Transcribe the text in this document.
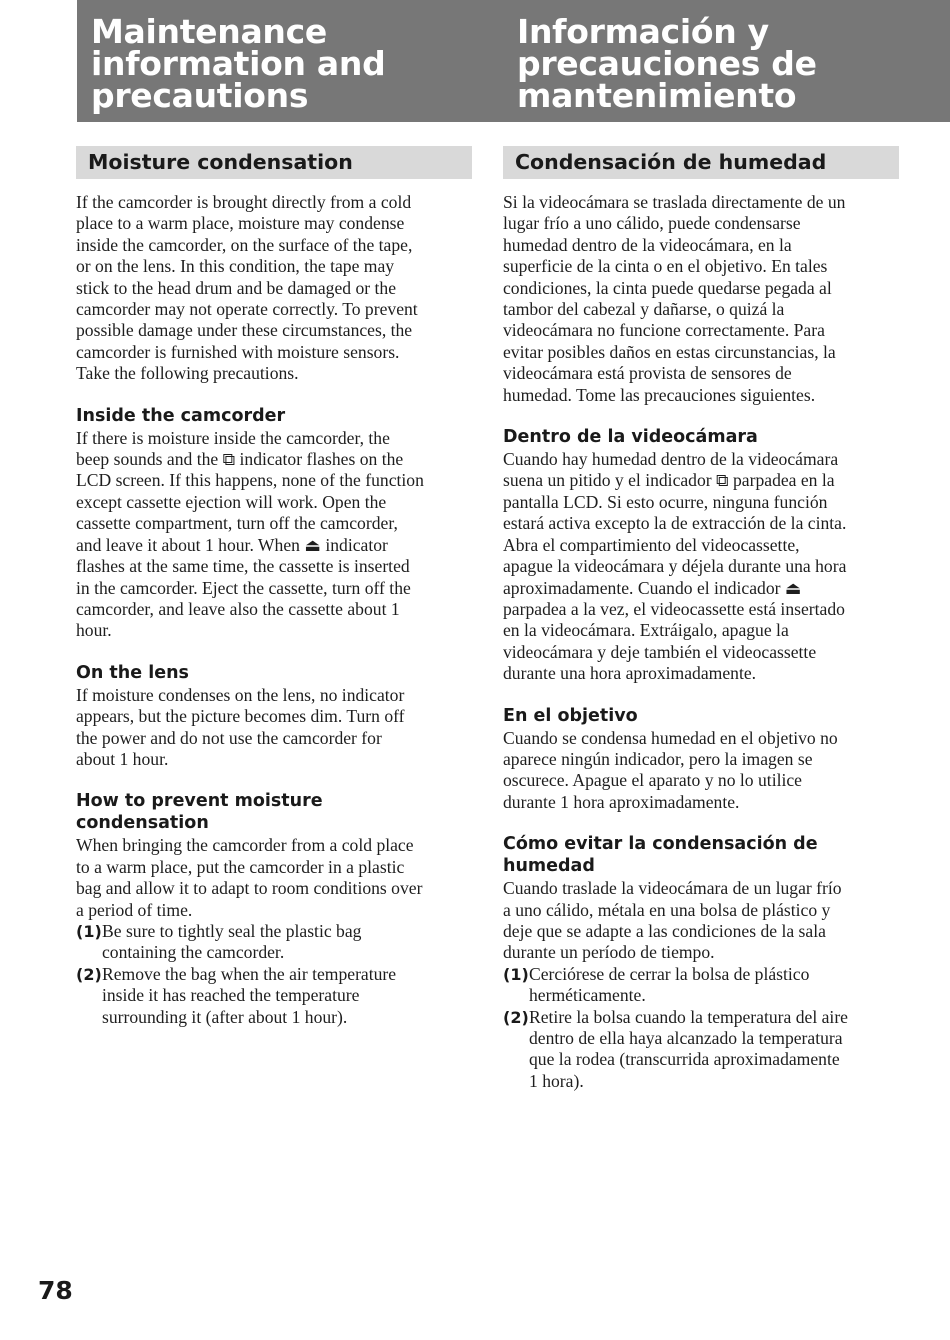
Maintenance
information and
precautions
Información y
precauciones de
mantenimiento
Moisture condensation

If the camcorder is brought directly from a cold
place to a warm place, moisture may condense
inside the camcorder, on the surface of the tape,
or on the lens. In this condition, the tape may
stick to the head drum and be damaged or the
camcorder may not operate correctly. To prevent
possible damage under these circumstances, the
camcorder is furnished with moisture sensors.
Take the following precautions.

Inside the camcorder

If there is moisture inside the camcorder, the
beep sounds and the ⧉ indicator flashes on the
LCD screen. If this happens, none of the function
except cassette ejection will work. Open the
cassette compartment, turn off the camcorder,
and leave it about 1 hour. When ⏏ indicator
flashes at the same time, the cassette is inserted
in the camcorder. Eject the cassette, turn off the
camcorder, and leave also the cassette about 1
hour.

On the lens

If moisture condenses on the lens, no indicator
appears, but the picture becomes dim. Turn off
the power and do not use the camcorder for
about 1 hour.

How to prevent moisture
condensation

When bringing the camcorder from a cold place
to a warm place, put the camcorder in a plastic
bag and allow it to adapt to room conditions over
a period of time.

(1) Be sure to tightly seal the plastic bag
containing the camcorder.

(2) Remove the bag when the air temperature
inside it has reached the temperature
surrounding it (after about 1 hour).

Condensación de humedad

Si la videocámara se traslada directamente de un
lugar frío a uno cálido, puede condensarse
humedad dentro de la videocámara, en la
superficie de la cinta o en el objetivo. En tales
condiciones, la cinta puede quedarse pegada al
tambor del cabezal y dañarse, o quizá la
videocámara no funcione correctamente. Para
evitar posibles daños en estas circunstancias, la
videocámara está provista de sensores de
humedad. Tome las precauciones siguientes.

Dentro de la videocámara

Cuando hay humedad dentro de la videocámara
suena un pitido y el indicador ⧉ parpadea en la
pantalla LCD. Si esto ocurre, ninguna función
estará activa excepto la de extracción de la cinta.
Abra el compartimiento del videocassette,
apague la videocámara y déjela durante una hora
aproximadamente. Cuando el indicador ⏏
parpadea a la vez, el videocassette está insertado
en la videocámara. Extráigalo, apague la
videocámara y deje también el videocassette
durante una hora aproximadamente.

En el objetivo

Cuando se condensa humedad en el objetivo no
aparece ningún indicador, pero la imagen se
oscurece. Apague el aparato y no lo utilice
durante 1 hora aproximadamente.

Cómo evitar la condensación de
humedad

Cuando traslade la videocámara de un lugar frío
a uno cálido, métala en una bolsa de plástico y
deje que se adapte a las condiciones de la sala
durante un período de tiempo.

(1) Cerciórese de cerrar la bolsa de plástico
herméticamente.

(2) Retire la bolsa cuando la temperatura del aire
dentro de ella haya alcanzado la temperatura
que la rodea (transcurrida aproximadamente
1 hora).

78
